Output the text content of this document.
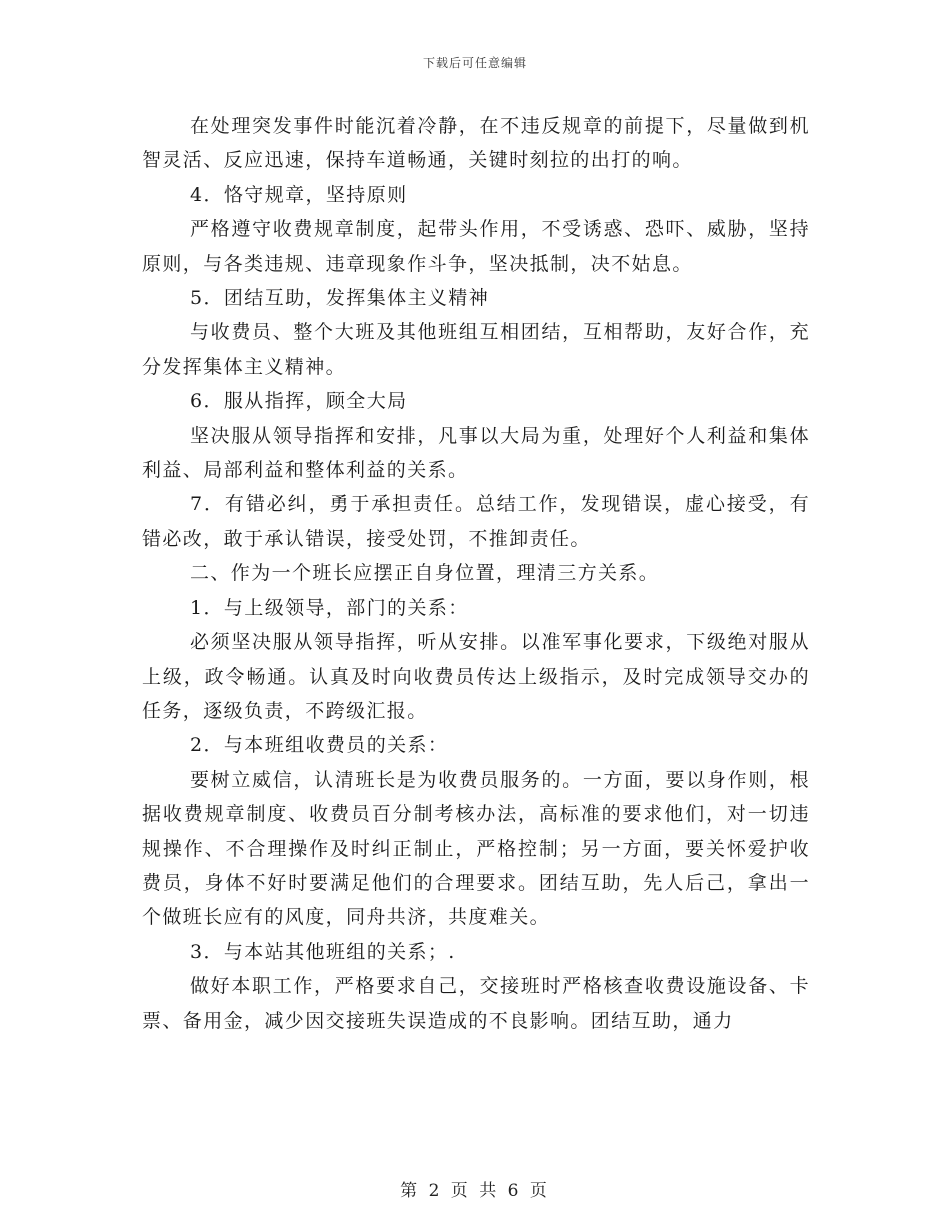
下载后可任意编辑

在处理突发事件时能沉着冷静，在不违反规章的前提下，尽量做到机智灵活、反应迅速，保持车道畅通，关键时刻拉的出打的响。

4．恪守规章，坚持原则

严格遵守收费规章制度，起带头作用，不受诱惑、恐吓、威胁，坚持原则，与各类违规、违章现象作斗争，坚决抵制，决不姑息。

5．团结互助，发挥集体主义精神

与收费员、整个大班及其他班组互相团结，互相帮助，友好合作，充分发挥集体主义精神。

6．服从指挥，顾全大局

坚决服从领导指挥和安排，凡事以大局为重，处理好个人利益和集体利益、局部利益和整体利益的关系。

7．有错必纠，勇于承担责任。总结工作，发现错误，虚心接受，有错必改，敢于承认错误，接受处罚，不推卸责任。

二、作为一个班长应摆正自身位置，理清三方关系。

1．与上级领导，部门的关系：

必须坚决服从领导指挥，听从安排。以准军事化要求，下级绝对服从上级，政令畅通。认真及时向收费员传达上级指示，及时完成领导交办的任务，逐级负责，不跨级汇报。

2．与本班组收费员的关系：

要树立威信，认清班长是为收费员服务的。一方面，要以身作则，根据收费规章制度、收费员百分制考核办法，高标准的要求他们，对一切违规操作、不合理操作及时纠正制止，严格控制；另一方面，要关怀爱护收费员，身体不好时要满足他们的合理要求。团结互助，先人后己，拿出一个做班长应有的风度，同舟共济，共度难关。

3．与本站其他班组的关系；.

做好本职工作，严格要求自己，交接班时严格核查收费设施设备、卡票、备用金，减少因交接班失误造成的不良影响。团结互助，通力

第 2 页 共 6 页
